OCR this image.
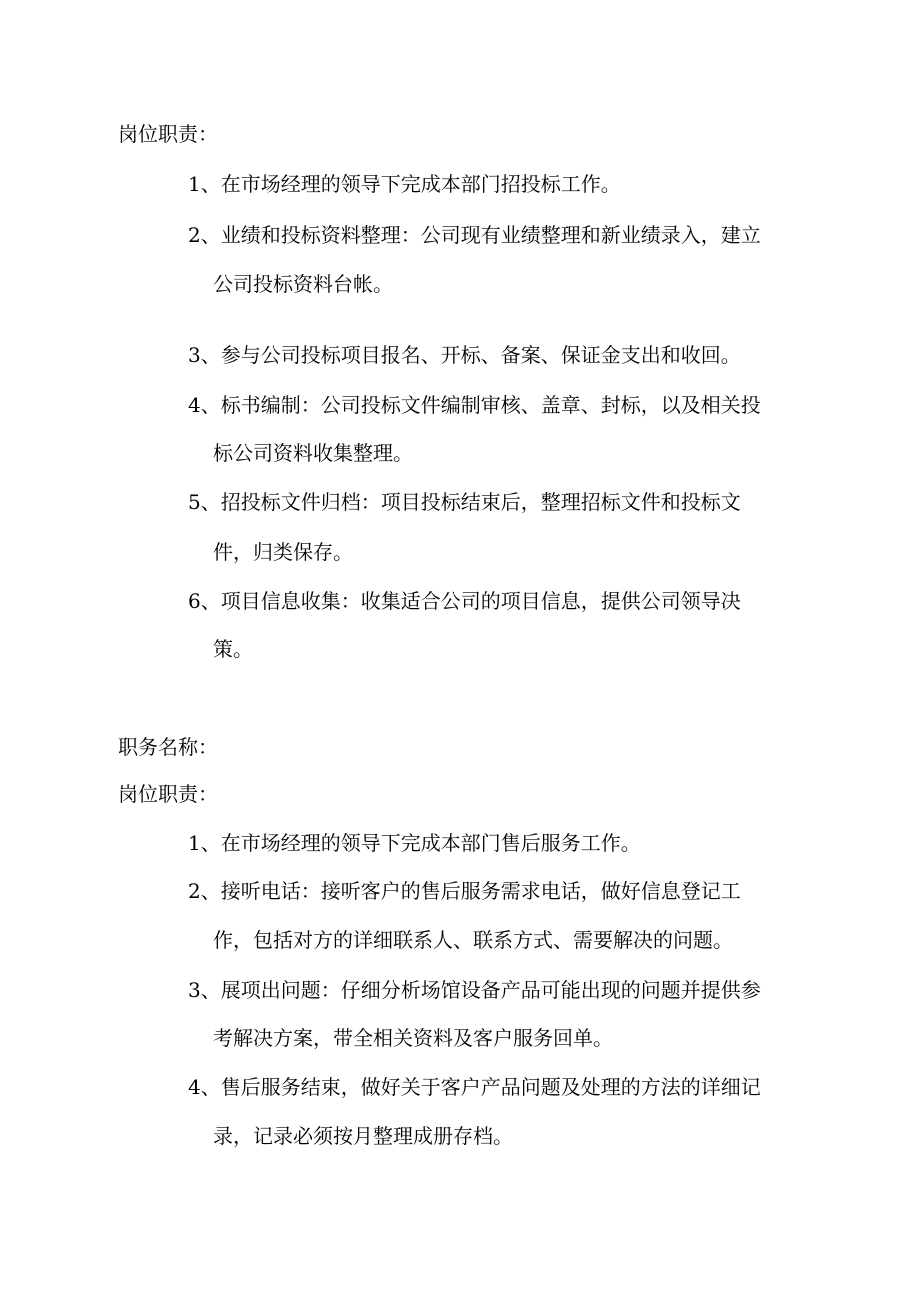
岗位职责：
1、在市场经理的领导下完成本部门招投标工作。
2、业绩和投标资料整理：公司现有业绩整理和新业绩录入，建立
公司投标资料台帐。
3、参与公司投标项目报名、开标、备案、保证金支出和收回。
4、标书编制：公司投标文件编制审核、盖章、封标，以及相关投
标公司资料收集整理。
5、招投标文件归档：项目投标结束后，整理招标文件和投标文
件，归类保存。
6、项目信息收集：收集适合公司的项目信息，提供公司领导决
策。
职务名称：
岗位职责：
1、在市场经理的领导下完成本部门售后服务工作。
2、接听电话：接听客户的售后服务需求电话，做好信息登记工
作，包括对方的详细联系人、联系方式、需要解决的问题。
3、展项出问题：仔细分析场馆设备产品可能出现的问题并提供参
考解决方案，带全相关资料及客户服务回单。
4、售后服务结束，做好关于客户产品问题及处理的方法的详细记
录，记录必须按月整理成册存档。
